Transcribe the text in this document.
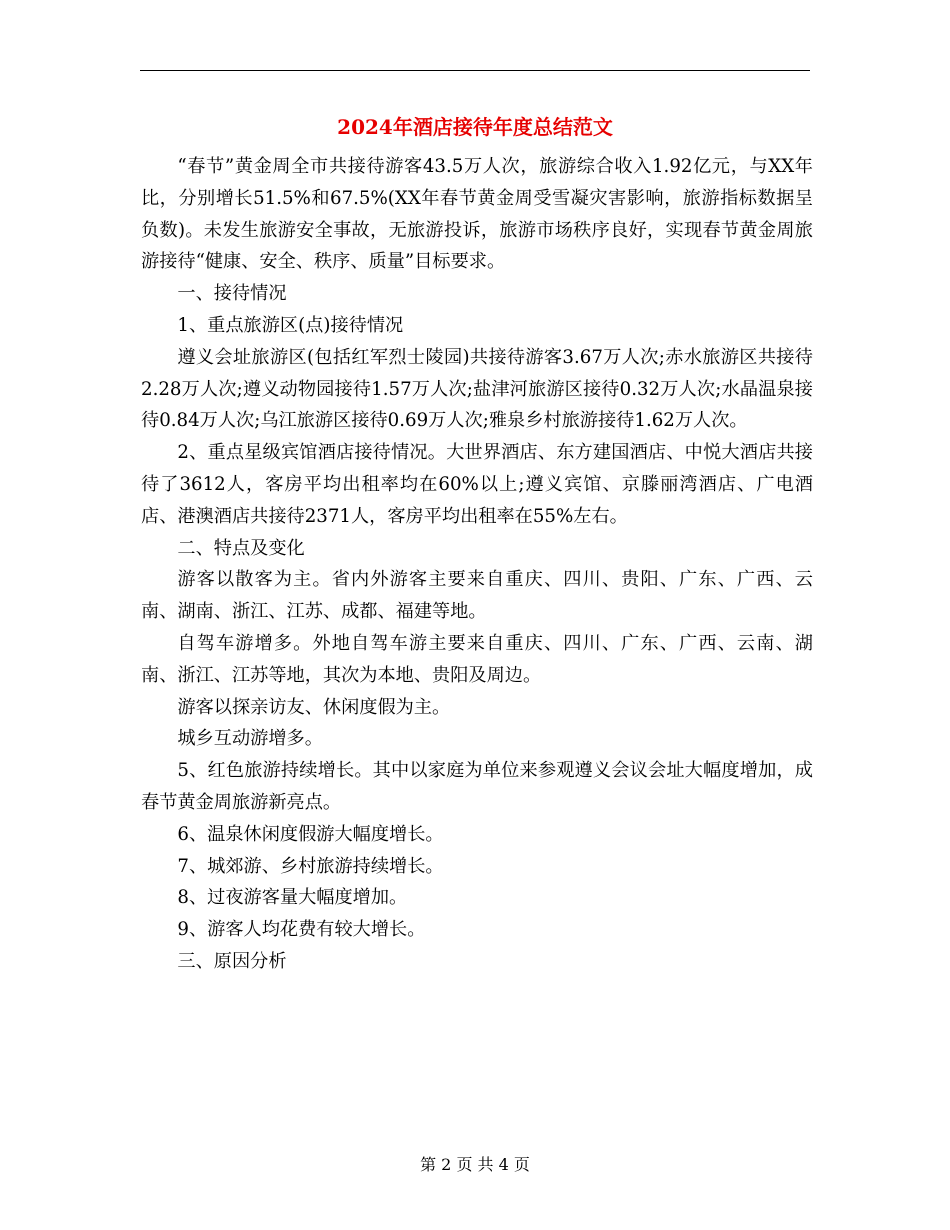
2024年酒店接待年度总结范文

“春节”黄金周全市共接待游客43.5万人次，旅游综合收入1.92亿元，与XX年比，分别增长51.5%和67.5%(XX年春节黄金周受雪凝灾害影响，旅游指标数据呈负数)。未发生旅游安全事故，无旅游投诉，旅游市场秩序良好，实现春节黄金周旅游接待“健康、安全、秩序、质量”目标要求。

一、接待情况

1、重点旅游区(点)接待情况

遵义会址旅游区(包括红军烈士陵园)共接待游客3.67万人次;赤水旅游区共接待2.28万人次;遵义动物园接待1.57万人次;盐津河旅游区接待0.32万人次;水晶温泉接待0.84万人次;乌江旅游区接待0.69万人次;雅泉乡村旅游接待1.62万人次。

2、重点星级宾馆酒店接待情况。大世界酒店、东方建国酒店、中悦大酒店共接待了3612人，客房平均出租率均在60%以上;遵义宾馆、京滕丽湾酒店、广电酒店、港澳酒店共接待2371人，客房平均出租率在55%左右。

二、特点及变化

游客以散客为主。省内外游客主要来自重庆、四川、贵阳、广东、广西、云南、湖南、浙江、江苏、成都、福建等地。

自驾车游增多。外地自驾车游主要来自重庆、四川、广东、广西、云南、湖南、浙江、江苏等地，其次为本地、贵阳及周边。

游客以探亲访友、休闲度假为主。

城乡互动游增多。

5、红色旅游持续增长。其中以家庭为单位来参观遵义会议会址大幅度增加，成春节黄金周旅游新亮点。

6、温泉休闲度假游大幅度增长。

7、城郊游、乡村旅游持续增长。

8、过夜游客量大幅度增加。

9、游客人均花费有较大增长。

三、原因分析

第 2 页 共 4 页
